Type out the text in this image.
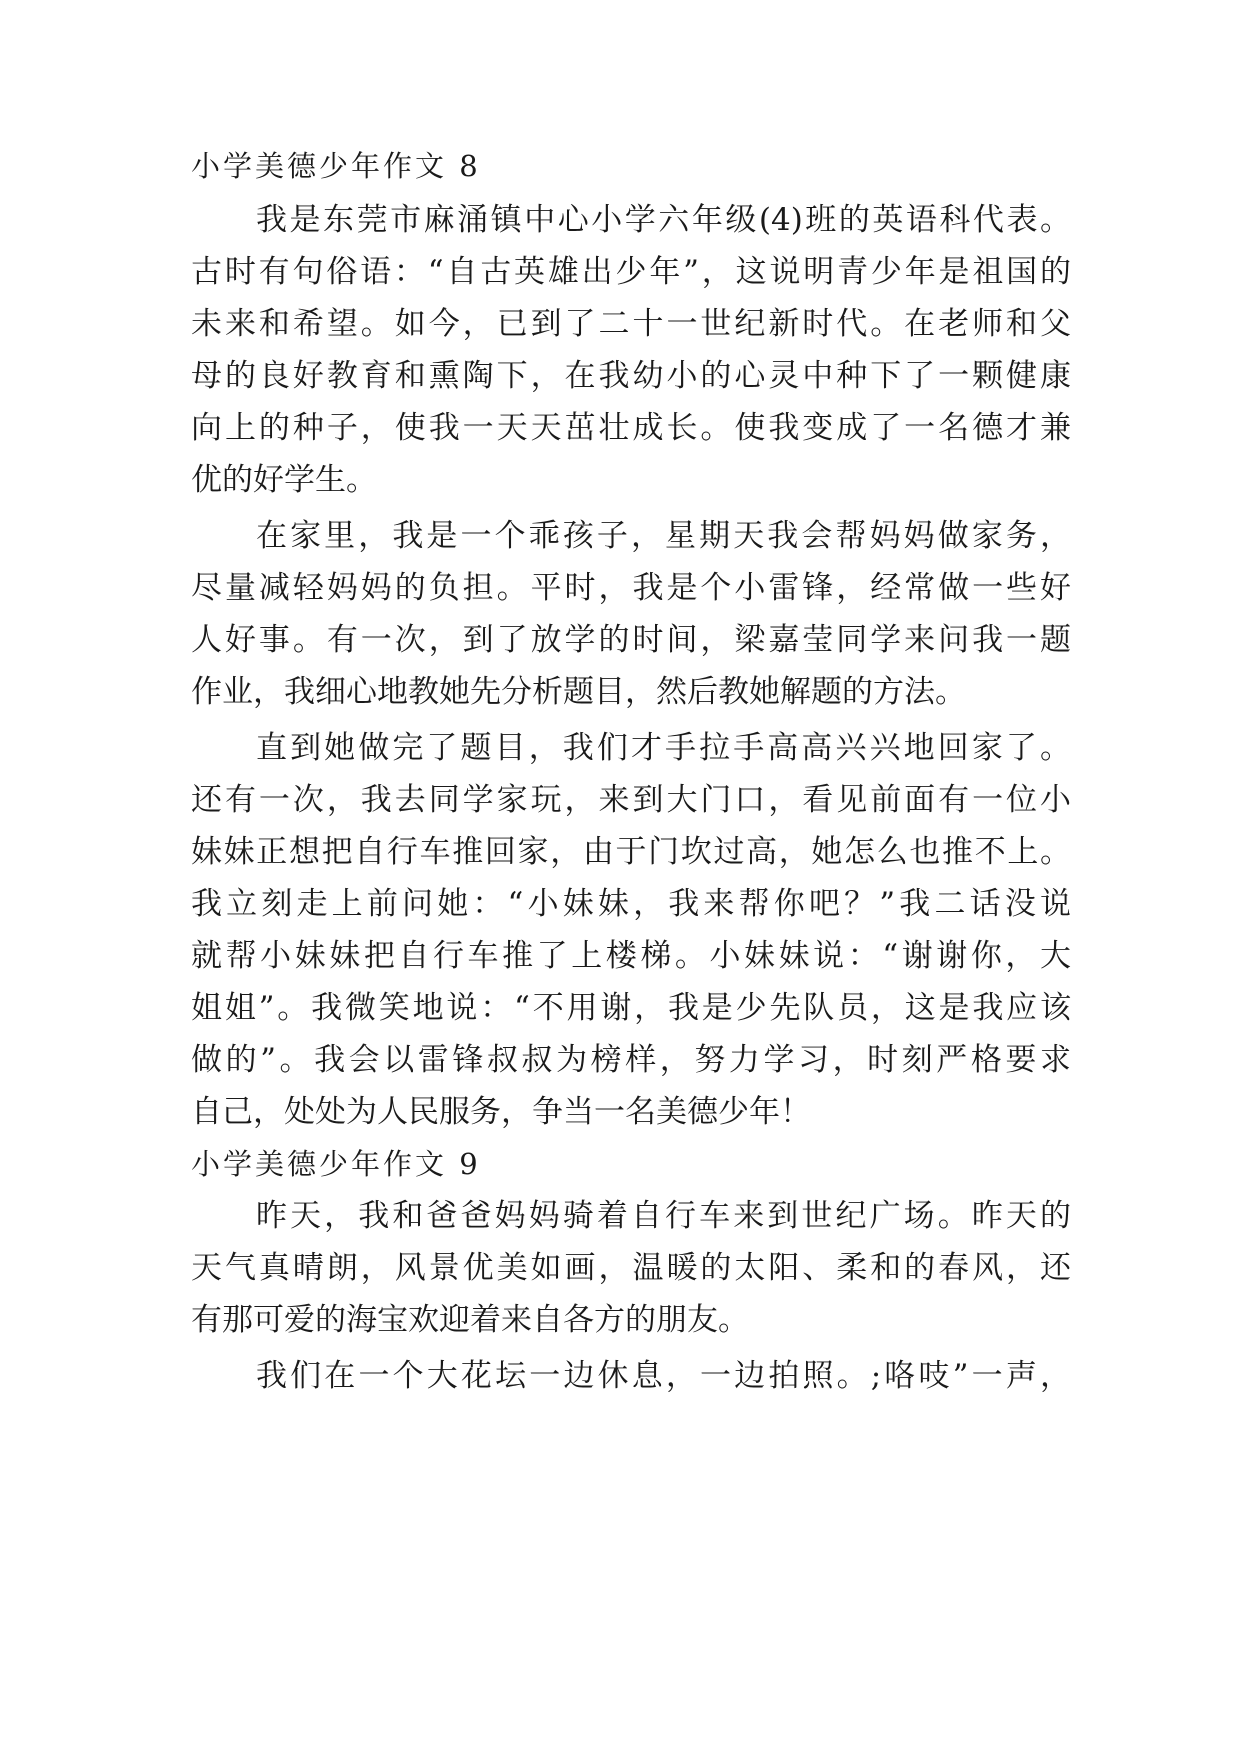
小学美德少年作文 8
我是东莞市麻涌镇中心小学六年级(4)班的英语科代表。
古时有句俗语：“自古英雄出少年”，这说明青少年是祖国的
未来和希望。如今，已到了二十一世纪新时代。在老师和父
母的良好教育和熏陶下，在我幼小的心灵中种下了一颗健康
向上的种子，使我一天天茁壮成长。使我变成了一名德才兼
优的好学生。
在家里，我是一个乖孩子，星期天我会帮妈妈做家务，
尽量减轻妈妈的负担。平时，我是个小雷锋，经常做一些好
人好事。有一次，到了放学的时间，梁嘉莹同学来问我一题
作业，我细心地教她先分析题目，然后教她解题的方法。
直到她做完了题目，我们才手拉手高高兴兴地回家了。
还有一次，我去同学家玩，来到大门口，看见前面有一位小
妹妹正想把自行车推回家，由于门坎过高，她怎么也推不上。
我立刻走上前问她：“小妹妹，我来帮你吧？”我二话没说
就帮小妹妹把自行车推了上楼梯。小妹妹说：“谢谢你，大
姐姐”。我微笑地说：“不用谢，我是少先队员，这是我应该
做的”。我会以雷锋叔叔为榜样，努力学习，时刻严格要求
自己，处处为人民服务，争当一名美德少年！
小学美德少年作文 9
昨天，我和爸爸妈妈骑着自行车来到世纪广场。昨天的
天气真晴朗，风景优美如画，温暖的太阳、柔和的春风，还
有那可爱的海宝欢迎着来自各方的朋友。
我们在一个大花坛一边休息，一边拍照。;咯吱”一声，
